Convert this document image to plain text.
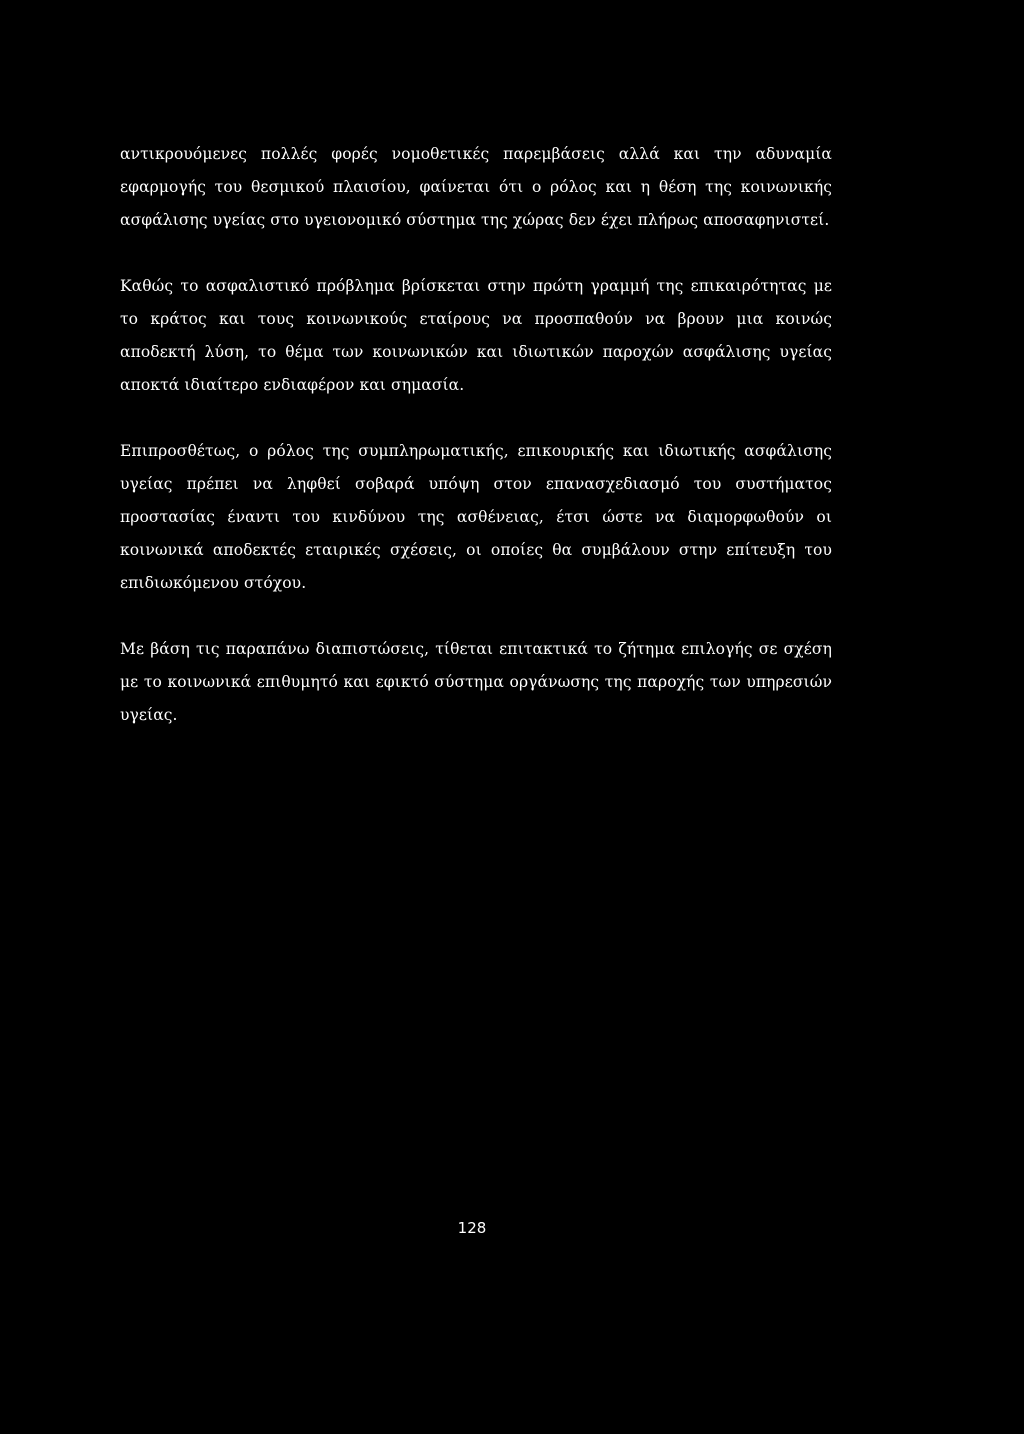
αντικρουόμενες πολλές φορές νομοθετικές παρεμβάσεις αλλά και την αδυναμία εφαρμογής του θεσμικού πλαισίου, φαίνεται ότι ο ρόλος και η θέση της κοινωνικής ασφάλισης υγείας στο υγειονομικό σύστημα της χώρας δεν έχει πλήρως αποσαφηνιστεί.

Καθώς το ασφαλιστικό πρόβλημα βρίσκεται στην πρώτη γραμμή της επικαιρότητας με το κράτος και τους κοινωνικούς εταίρους να προσπαθούν να βρουν μια κοινώς αποδεκτή λύση, το θέμα των κοινωνικών και ιδιωτικών παροχών ασφάλισης υγείας αποκτά ιδιαίτερο ενδιαφέρον και σημασία.

Επιπροσθέτως, ο ρόλος της συμπληρωματικής, επικουρικής και ιδιωτικής ασφάλισης υγείας πρέπει να ληφθεί σοβαρά υπόψη στον επανασχεδιασμό του συστήματος προστασίας έναντι του κινδύνου της ασθένειας, έτσι ώστε να διαμορφωθούν οι κοινωνικά αποδεκτές εταιρικές σχέσεις, οι οποίες θα συμβάλουν στην επίτευξη του επιδιωκόμενου στόχου.

Με βάση τις παραπάνω διαπιστώσεις, τίθεται επιτακτικά το ζήτημα επιλογής σε σχέση με το κοινωνικά επιθυμητό και εφικτό σύστημα οργάνωσης της παροχής των υπηρεσιών υγείας.

128
